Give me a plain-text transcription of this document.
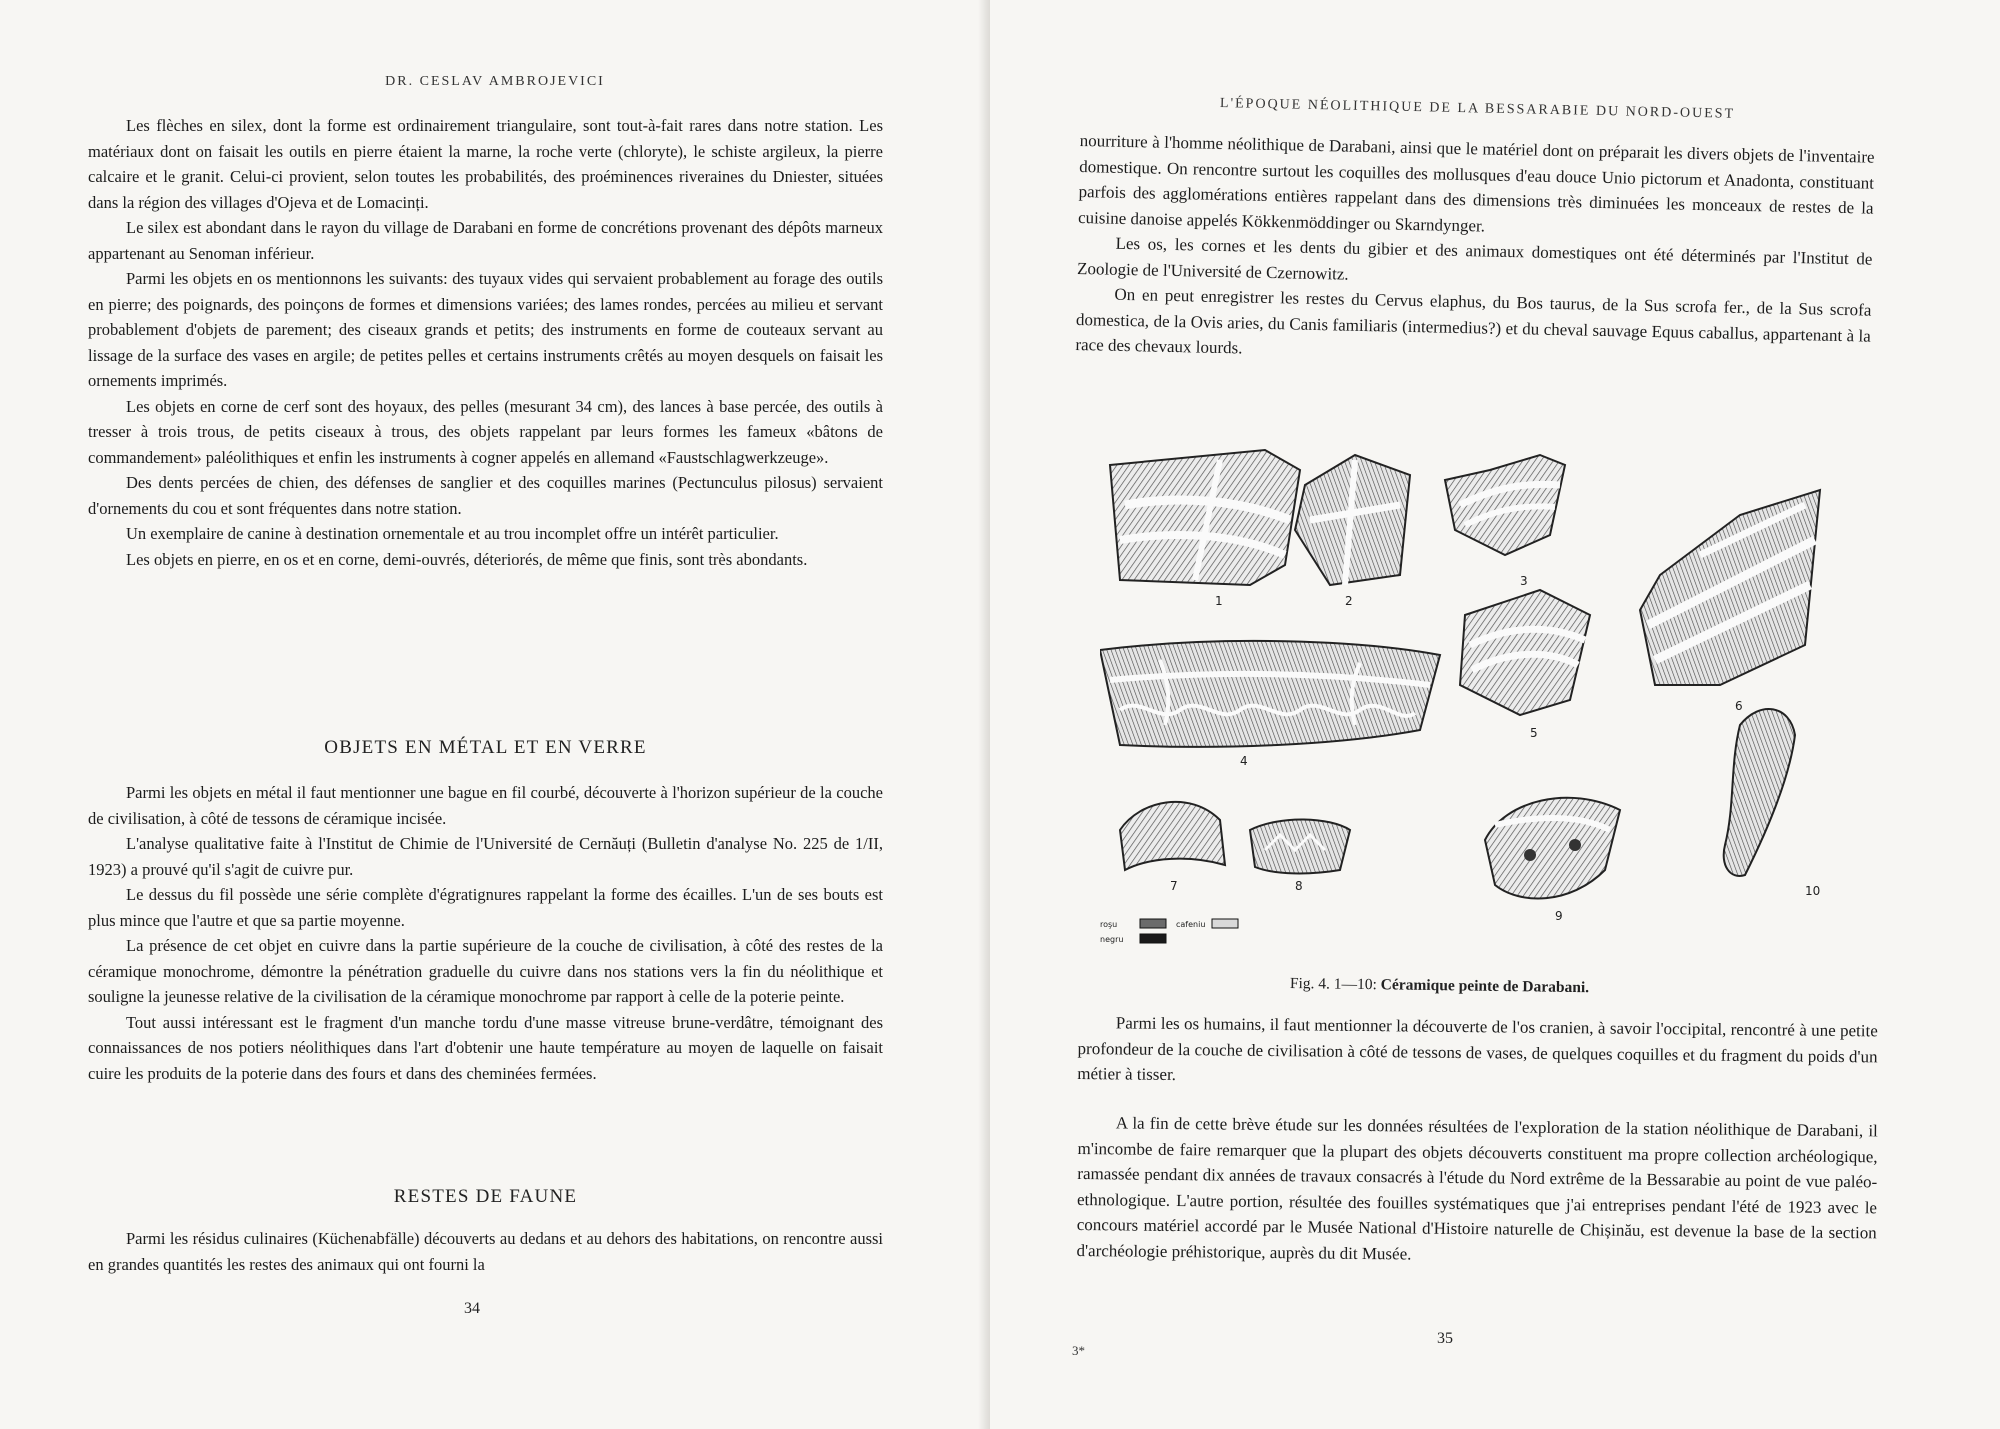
DR. CESLAV AMBROJEVICI

Les flèches en silex, dont la forme est ordinairement triangulaire, sont tout-à-fait rares dans notre station. Les matériaux dont on faisait les outils en pierre étaient la marne, la roche verte (chloryte), le schiste argileux, la pierre calcaire et le granit. Celui-ci provient, selon toutes les probabilités, des proéminences riveraines du Dniester, situées dans la région des villages d'Ojeva et de Lomacinți.

Le silex est abondant dans le rayon du village de Darabani en forme de concrétions provenant des dépôts marneux appartenant au Senoman inférieur.

Parmi les objets en os mentionnons les suivants: des tuyaux vides qui servaient probablement au forage des outils en pierre; des poignards, des poinçons de formes et dimensions variées; des lames rondes, percées au milieu et servant probablement d'objets de parement; des ciseaux grands et petits; des instruments en forme de couteaux servant au lissage de la surface des vases en argile; de petites pelles et certains instruments crêtés au moyen desquels on faisait les ornements imprimés.

Les objets en corne de cerf sont des hoyaux, des pelles (mesurant 34 cm), des lances à base percée, des outils à tresser à trois trous, de petits ciseaux à trous, des objets rappelant par leurs formes les fameux «bâtons de commandement» paléolithiques et enfin les instruments à cogner appelés en allemand «Faustschlagwerkzeuge».

Des dents percées de chien, des défenses de sanglier et des coquilles marines (Pectunculus pilosus) servaient d'ornements du cou et sont fréquentes dans notre station.

Un exemplaire de canine à destination ornementale et au trou incomplet offre un intérêt particulier.

Les objets en pierre, en os et en corne, demi-ouvrés, déteriorés, de même que finis, sont très abondants.

OBJETS EN MÉTAL ET EN VERRE

Parmi les objets en métal il faut mentionner une bague en fil courbé, découverte à l'horizon supérieur de la couche de civilisation, à côté de tessons de céramique incisée.

L'analyse qualitative faite à l'Institut de Chimie de l'Université de Cernăuți (Bulletin d'analyse No. 225 de 1/II, 1923) a prouvé qu'il s'agit de cuivre pur.

Le dessus du fil possède une série complète d'égratignures rappelant la forme des écailles. L'un de ses bouts est plus mince que l'autre et que sa partie moyenne.

La présence de cet objet en cuivre dans la partie supérieure de la couche de civilisation, à côté des restes de la céramique monochrome, démontre la pénétration graduelle du cuivre dans nos stations vers la fin du néolithique et souligne la jeunesse relative de la civilisation de la céramique monochrome par rapport à celle de la poterie peinte.

Tout aussi intéressant est le fragment d'un manche tordu d'une masse vitreuse brune-verdâtre, témoignant des connaissances de nos potiers néolithiques dans l'art d'obtenir une haute température au moyen de laquelle on faisait cuire les produits de la poterie dans des fours et dans des cheminées fermées.

RESTES DE FAUNE

Parmi les résidus culinaires (Küchenabfälle) découverts au dedans et au dehors des habitations, on rencontre aussi en grandes quantités les restes des animaux qui ont fourni la

34
L'ÉPOQUE NÉOLITHIQUE DE LA BESSARABIE DU NORD-OUEST

nourriture à l'homme néolithique de Darabani, ainsi que le matériel dont on préparait les divers objets de l'inventaire domestique. On rencontre surtout les coquilles des mollusques d'eau douce Unio pictorum et Anadonta, constituant parfois des agglomérations entières rappelant dans des dimensions très diminuées les monceaux de restes de la cuisine danoise appelés Kökkenmöddinger ou Skarndynger.

Les os, les cornes et les dents du gibier et des animaux domestiques ont été déterminés par l'Institut de Zoologie de l'Université de Czernowitz.

On en peut enregistrer les restes du Cervus elaphus, du Bos taurus, de la Sus scrofa fer., de la Sus scrofa domestica, de la Ovis aries, du Canis familiaris (intermedius?) et du cheval sauvage Equus caballus, appartenant à la race des chevaux lourds.

1	2
3
4
5
6
7	8
9
10
roşu
negru
cafeniu
Fig. 4. 1—10: Céramique peinte de Darabani.

Parmi les os humains, il faut mentionner la découverte de l'os cranien, à savoir l'occipital, rencontré à une petite profondeur de la couche de civilisation à côté de tessons de vases, de quelques coquilles et du fragment du poids d'un métier à tisser.

A la fin de cette brève étude sur les données résultées de l'exploration de la station néolithique de Darabani, il m'incombe de faire remarquer que la plupart des objets découverts constituent ma propre collection archéologique, ramassée pendant dix années de travaux consacrés à l'étude du Nord extrême de la Bessarabie au point de vue paléo-ethnologique. L'autre portion, résultée des fouilles systématiques que j'ai entreprises pendant l'été de 1923 avec le concours matériel accordé par le Musée National d'Histoire naturelle de Chișinău, est devenue la base de la section d'archéologie préhistorique, auprès du dit Musée.

3*
35
